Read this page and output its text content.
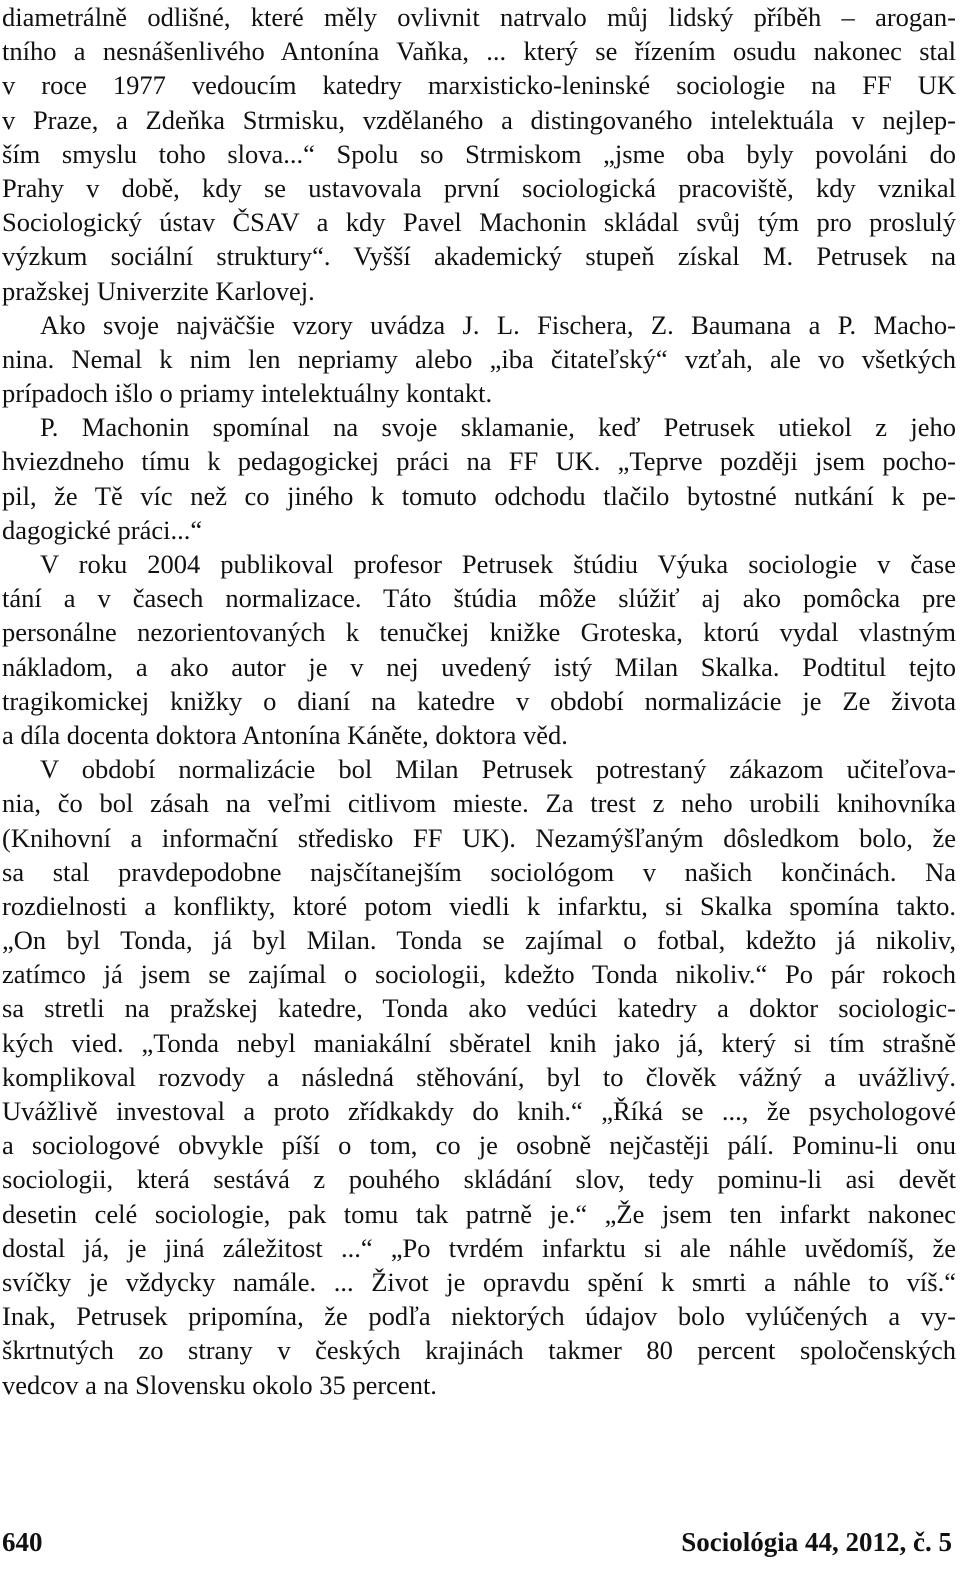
diametrálně odlišné, které měly ovlivnit natrvalo můj lidský příběh – arogan-
tního a nesnášenlivého Antonína Vaňka, ... který se řízením osudu nakonec stal
v roce 1977 vedoucím katedry marxisticko-leninské sociologie na FF UK
v Praze, a Zdeňka Strmisku, vzdělaného a distingovaného intelektuála v nejlep-
ším smyslu toho slova...“ Spolu so Strmiskom „jsme oba byly povoláni do
Prahy v době, kdy se ustavovala první sociologická pracoviště, kdy vznikal
Sociologický ústav ČSAV a kdy Pavel Machonin skládal svůj tým pro proslulý
výzkum sociální struktury“. Vyšší akademický stupeň získal M. Petrusek na
pražskej Univerzite Karlovej.
Ako svoje najväčšie vzory uvádza J. L. Fischera, Z. Baumana a P. Macho-
nina. Nemal k nim len nepriamy alebo „iba čitateľský“ vzťah, ale vo všetkých
prípadoch išlo o priamy intelektuálny kontakt.
P. Machonin spomínal na svoje sklamanie, keď Petrusek utiekol z jeho
hviezdneho tímu k pedagogickej práci na FF UK. „Teprve později jsem pocho-
pil, že Tě víc než co jiného k tomuto odchodu tlačilo bytostné nutkání k pe-
dagogické práci...“
V roku 2004 publikoval profesor Petrusek štúdiu Výuka sociologie v čase
tání a v časech normalizace. Táto štúdia môže slúžiť aj ako pomôcka pre
personálne nezorientovaných k tenučkej knižke Groteska, ktorú vydal vlastným
nákladom, a ako autor je v nej uvedený istý Milan Skalka. Podtitul tejto
tragikomickej knižky o dianí na katedre v období normalizácie je Ze života
a díla docenta doktora Antonína Káněte, doktora věd.
V období normalizácie bol Milan Petrusek potrestaný zákazom učiteľova-
nia, čo bol zásah na veľmi citlivom mieste. Za trest z neho urobili knihovníka
(Knihovní a informační středisko FF UK). Nezamýšľaným dôsledkom bolo, že
sa stal pravdepodobne najsčítanejším sociológom v našich končinách. Na
rozdielnosti a konflikty, ktoré potom viedli k infarktu, si Skalka spomína takto.
„On byl Tonda, já byl Milan. Tonda se zajímal o fotbal, kdežto já nikoliv,
zatímco já jsem se zajímal o sociologii, kdežto Tonda nikoliv.“ Po pár rokoch
sa stretli na pražskej katedre, Tonda ako vedúci katedry a doktor sociologic-
kých vied. „Tonda nebyl maniakální sběratel knih jako já, který si tím strašně
komplikoval rozvody a následná stěhování, byl to člověk vážný a uvážlivý.
Uvážlivě investoval a proto zřídkakdy do knih.“ „Říká se ..., že psychologové
a sociologové obvykle píší o tom, co je osobně nejčastěji pálí. Pominu-li onu
sociologii, která sestává z pouhého skládání slov, tedy pominu-li asi devět
desetin celé sociologie, pak tomu tak patrně je.“ „Že jsem ten infarkt nakonec
dostal já, je jiná záležitost ...“ „Po tvrdém infarktu si ale náhle uvědomíš, že
svíčky je vždycky namále. ... Život je opravdu spění k smrti a náhle to víš.“
Inak, Petrusek pripomína, že podľa niektorých údajov bolo vylúčených a vy-
škrtnutých zo strany v českých krajinách takmer 80 percent spoločenských
vedcov a na Slovensku okolo 35 percent.
640	Sociológia 44, 2012, č. 5
